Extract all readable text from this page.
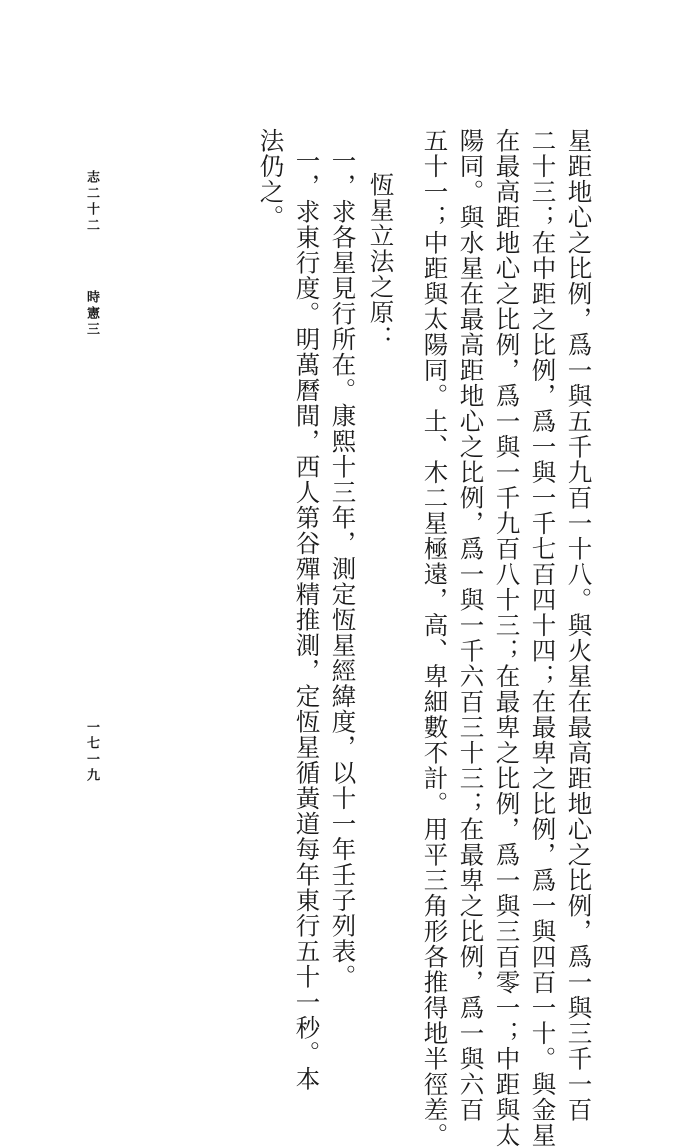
星距地心之比例，爲一與五千九百一十八。與火星在最高距地心之比例，爲一與三千一百
二十三；在中距之比例，爲一與一千七百四十四；在最卑之比例，爲一與四百一十。與金星
在最高距地心之比例，爲一與一千九百八十三；在最卑之比例，爲一與三百零一；中距與太
陽同。與水星在最高距地心之比例，爲一與一千六百三十三；在最卑之比例，爲一與六百
五十一；中距與太陽同。土、木二星極遠，高、卑細數不計。用平三角形各推得地半徑差。
恆星立法之原：
一，求各星見行所在。康熙十三年，測定恆星經緯度，以十一年壬子列表。
一，求東行度。明萬曆間，西人第谷殫精推測，定恆星循黃道每年東行五十一秒。本
法仍之。
志二十二
時憲三
一七一九
